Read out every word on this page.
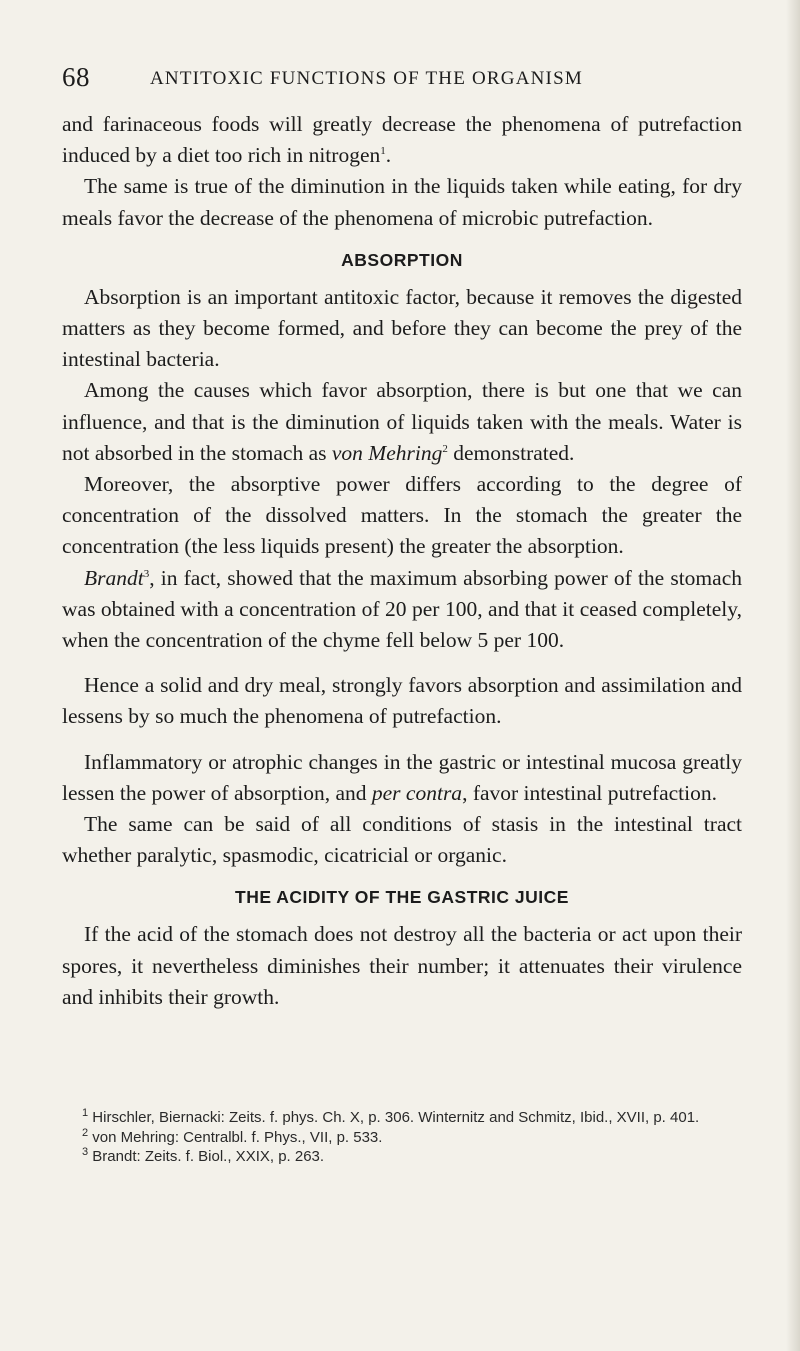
68	ANTITOXIC FUNCTIONS OF THE ORGANISM

and farinaceous foods will greatly decrease the phenomena of putrefaction induced by a diet too rich in nitrogen$^1$.

The same is true of the diminution in the liquids taken while eating, for dry meals favor the decrease of the phenomena of microbic putrefaction.

ABSORPTION

Absorption is an important antitoxic factor, because it removes the digested matters as they become formed, and before they can become the prey of the intestinal bacteria.

Among the causes which favor absorption, there is but one that we can influence, and that is the diminution of liquids taken with the meals. Water is not absorbed in the stomach as von Mehring$^2$ demonstrated.

Moreover, the absorptive power differs according to the degree of concentration of the dissolved matters. In the stomach the greater the concentration (the less liquids present) the greater the absorption.

Brandt$^3$, in fact, showed that the maximum absorbing power of the stomach was obtained with a concentration of 20 per 100, and that it ceased completely, when the concentration of the chyme fell below 5 per 100.

Hence a solid and dry meal, strongly favors absorption and assimilation and lessens by so much the phenomena of putrefaction.

Inflammatory or atrophic changes in the gastric or intestinal mucosa greatly lessen the power of absorption, and per contra, favor intestinal putrefaction.

The same can be said of all conditions of stasis in the intestinal tract whether paralytic, spasmodic, cicatricial or organic.

THE ACIDITY OF THE GASTRIC JUICE

If the acid of the stomach does not destroy all the bacteria or act upon their spores, it nevertheless diminishes their number; it attenuates their virulence and inhibits their growth.

$^1$ Hirschler, Biernacki: Zeits. f. phys. Ch. X, p. 306. Winternitz and Schmitz, Ibid., XVII, p. 401.

$^2$ von Mehring: Centralbl. f. Phys., VII, p. 533.

$^3$ Brandt: Zeits. f. Biol., XXIX, p. 263.
